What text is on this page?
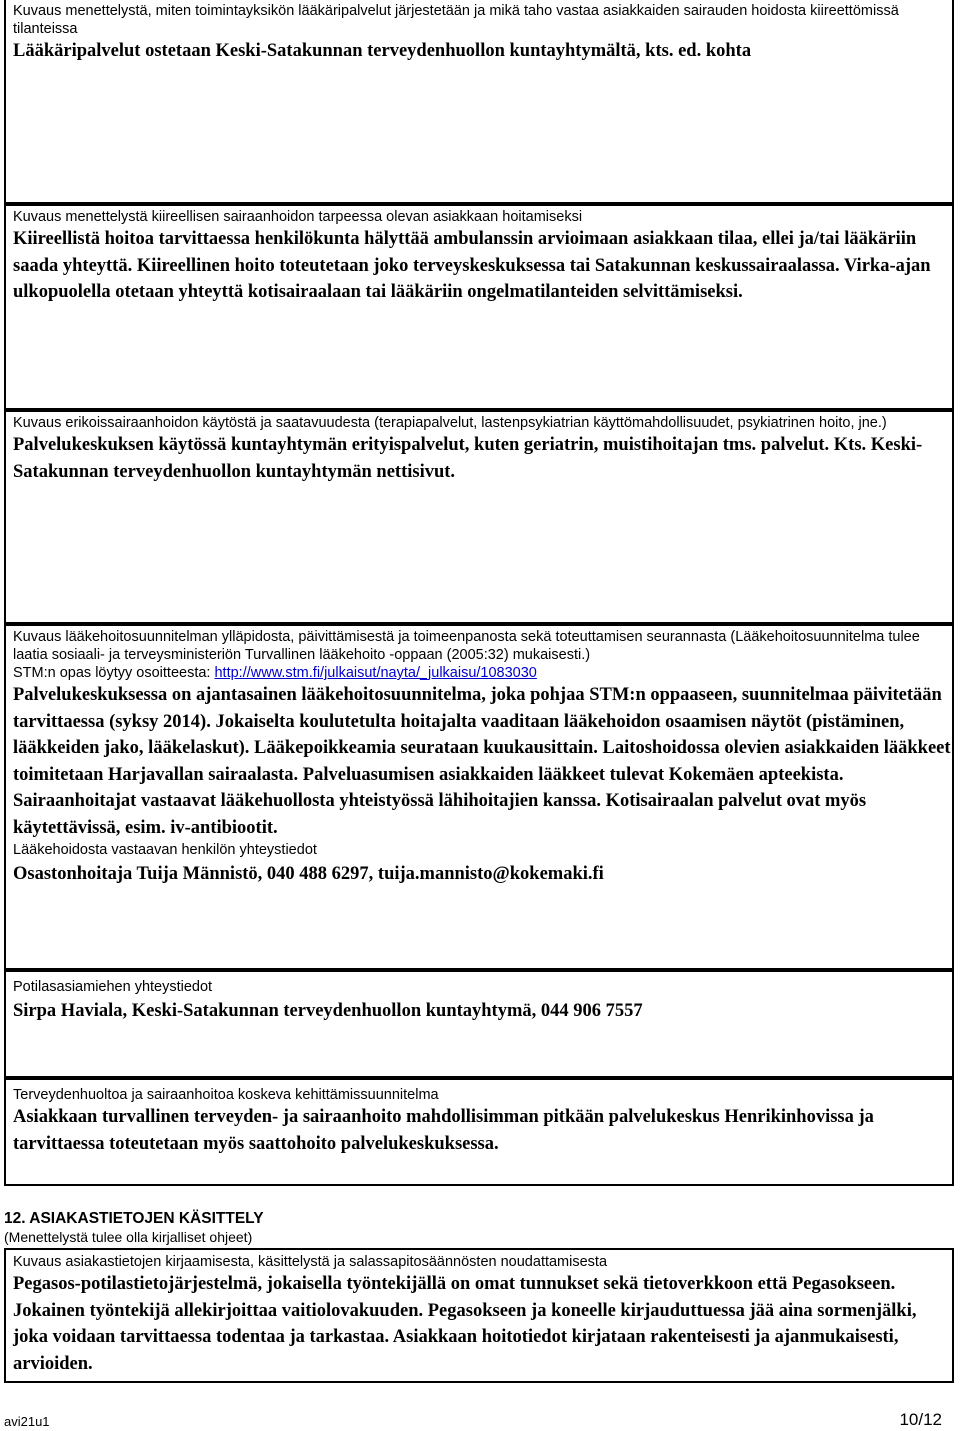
Kuvaus menettelystä, miten toimintayksikön lääkäripalvelut järjestetään ja mikä taho vastaa asiakkaiden sairauden hoidosta kiireettömissä tilanteissa

Lääkäripalvelut ostetaan Keski-Satakunnan terveydenhuollon kuntayhtymältä, kts. ed. kohta

Kuvaus menettelystä kiireellisen sairaanhoidon tarpeessa olevan asiakkaan hoitamiseksi

Kiireellistä hoitoa tarvittaessa henkilökunta hälyttää ambulanssin arvioimaan asiakkaan tilaa, ellei ja/tai lääkäriin saada yhteyttä. Kiireellinen hoito toteutetaan joko terveyskeskuksessa tai Satakunnan keskussairaalassa. Virka-ajan ulkopuolella otetaan yhteyttä kotisairaalaan tai lääkäriin ongelmatilanteiden selvittämiseksi.

Kuvaus erikoissairaanhoidon käytöstä ja saatavuudesta (terapiapalvelut, lastenpsykiatrian käyttömahdollisuudet, psykiatrinen hoito, jne.)

Palvelukeskuksen käytössä kuntayhtymän erityispalvelut, kuten geriatrin, muistihoitajan tms. palvelut. Kts. Keski-Satakunnan terveydenhuollon kuntayhtymän nettisivut.

Kuvaus lääkehoitosuunnitelman ylläpidosta, päivittämisestä ja toimeenpanosta sekä toteuttamisen seurannasta (Lääkehoitosuunnitelma tulee laatia sosiaali- ja terveysministeriön Turvallinen lääkehoito -oppaan (2005:32) mukaisesti.)

STM:n opas löytyy osoitteesta: http://www.stm.fi/julkaisut/nayta/_julkaisu/1083030

Palvelukeskuksessa on ajantasainen lääkehoitosuunnitelma, joka pohjaa STM:n oppaaseen, suunnitelmaa päivitetään tarvittaessa (syksy 2014). Jokaiselta koulutetulta hoitajalta vaaditaan lääkehoidon osaamisen näytöt (pistäminen, lääkkeiden jako, lääkelaskut). Lääkepoikkeamia seurataan kuukausittain. Laitoshoidossa olevien asiakkaiden lääkkeet toimitetaan Harjavallan sairaalasta. Palveluasumisen asiakkaiden lääkkeet tulevat Kokemäen apteekista. Sairaanhoitajat vastaavat lääkehuollosta yhteistyössä lähihoitajien kanssa. Kotisairaalan palvelut ovat myös käytettävissä, esim. iv-antibiootit.

Lääkehoidosta vastaavan henkilön yhteystiedot

Osastonhoitaja Tuija Männistö, 040 488 6297, tuija.mannisto@kokemaki.fi

Potilasasiamiehen yhteystiedot

Sirpa Haviala, Keski-Satakunnan terveydenhuollon kuntayhtymä, 044 906 7557

Terveydenhuoltoa ja sairaanhoitoa koskeva kehittämissuunnitelma

Asiakkaan turvallinen terveyden- ja sairaanhoito mahdollisimman pitkään palvelukeskus Henrikinhovissa ja tarvittaessa toteutetaan myös saattohoito palvelukeskuksessa.

12. ASIAKASTIETOJEN KÄSITTELY

(Menettelystä tulee olla kirjalliset ohjeet)

Kuvaus asiakastietojen kirjaamisesta, käsittelystä ja salassapitosäännösten noudattamisesta

Pegasos-potilastietojärjestelmä, jokaisella työntekijällä on omat tunnukset sekä tietoverkkoon että Pegasokseen. Jokainen työntekijä allekirjoittaa vaitiolovakuuden. Pegasokseen ja koneelle kirjauduttuessa jää aina sormenjälki, joka voidaan tarvittaessa todentaa ja tarkastaa. Asiakkaan hoitotiedot kirjataan rakenteisesti ja ajanmukaisesti, arvioiden.

avi21u1	10/12
